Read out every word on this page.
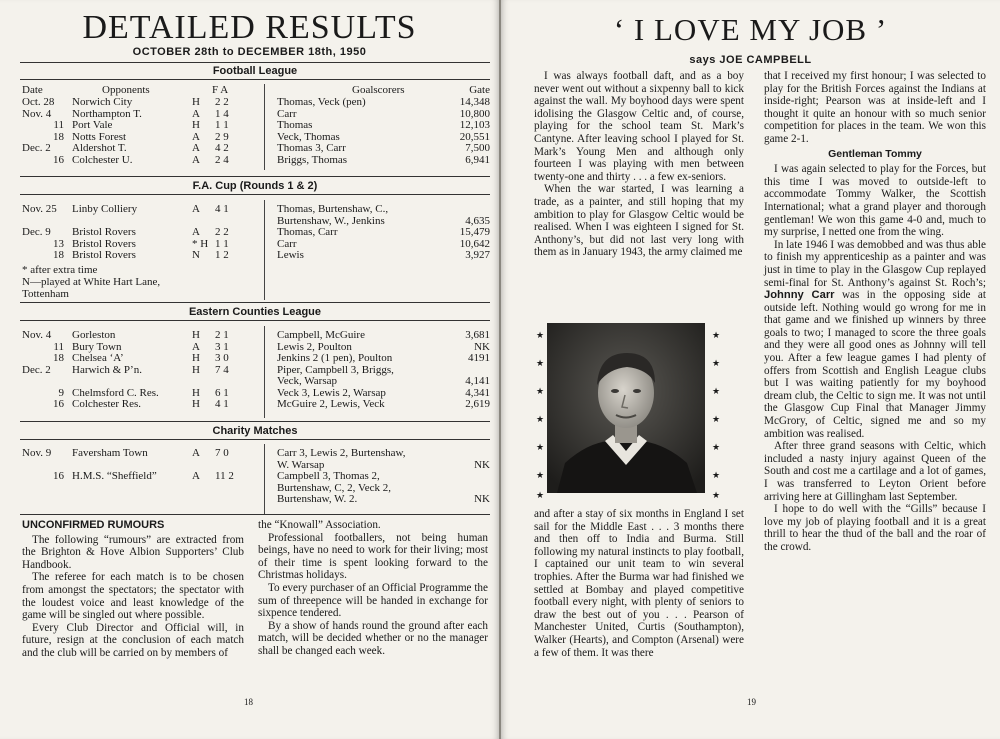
DETAILED RESULTS
OCTOBER 28th to DECEMBER 18th, 1950
Football League
Date	Opponents	F A	Goalscorers	Gate
Oct. 28	Norwich City	H 2 2	Thomas, Veck (pen)	14,348
Nov. 4	Northampton T.	A 1 4	Carr	10,800
11 Port Vale	H 1 1	Thomas	12,103
18 Notts Forest	A 2 9	Veck, Thomas	20,551
Dec. 2	Aldershot T.	A 4 2	Thomas 3, Carr	7,500
16 Colchester U.	A 2 4	Briggs, Thomas	6,941
F.A. Cup (Rounds 1 & 2)
Nov. 25	Linby Colliery	A 4 1	Thomas, Burtenshaw, C.,
Burtenshaw, W., Jenkins	4,635
Dec. 9	Bristol Rovers	A 2 2	Thomas, Carr	15,479
13 Bristol Rovers	* H 1 1	Carr	10,642
18 Bristol Rovers	N 1 2	Lewis	3,927
* after extra time
N—played at White Hart Lane,
Tottenham
Eastern Counties League
Nov. 4	Gorleston	H 2 1	Campbell, McGuire	3,681
11 Bury Town	A 3 1	Lewis 2, Poulton	NK
18 Chelsea ‘A’	H 3 0	Jenkins 2 (1 pen), Poulton	4191
Dec. 2	Harwich & P’n.	H 7 4	Piper, Campbell 3, Briggs,
Veck, Warsap	4,141
9 Chelmsford C. Res.	H 6 1	Veck 3, Lewis 2, Warsap	4,341
16 Colchester Res.	H 4 1	McGuire 2, Lewis, Veck	2,619
Charity Matches
Nov. 9	Faversham Town	A 7 0	Carr 3, Lewis 2, Burtenshaw,
W. Warsap	NK
16 H.M.S. “Sheffield”	A 11 2	Campbell 3, Thomas 2,
Burtenshaw, C, 2, Veck 2,
Burtenshaw, W. 2.	NK
UNCONFIRMED RUMOURS

The following “rumours” are extracted from the Brighton & Hove Albion Supporters’ Club Handbook.

The referee for each match is to be chosen from amongst the spectators; the spectator with the loudest voice and least knowledge of the game will be singled out where possible.

Every Club Director and Official will, in future, resign at the conclusion of each match and the club will be carried on by members of

the “Knowall” Association.

Professional footballers, not being human beings, have no need to work for their living; most of their time is spent looking forward to the Christmas holidays.

To every purchaser of an Official Programme the sum of threepence will be handed in exchange for sixpence tendered.

By a show of hands round the ground after each match, will be decided whether or no the manager shall be changed each week.

18
‘ I LOVE MY JOB ’
says JOE CAMPBELL

I was always football daft, and as a boy never went out without a sixpenny ball to kick against the wall. My boyhood days were spent idolising the Glasgow Celtic and, of course, playing for the school team St. Mark’s Cantyne. After leaving school I played for St. Mark’s Young Men and although only fourteen I was playing with men between twenty-one and thirty . . . a few ex-seniors.

When the war started, I was learning a trade, as a painter, and still hoping that my ambition to play for Glasgow Celtic would be realised. When I was eighteen I signed for St. Anthony’s, but did not last very long with them as in January 1943, the army claimed me

and after a stay of six months in England I set sail for the Middle East . . . 3 months there and then off to India and Burma. Still following my natural instincts to play football, I captained our unit team to win several trophies. After the Burma war had finished we settled at Bombay and played competitive football every night, with plenty of seniors to draw the best out of you . . . Pearson of Manchester United, Curtis (Southampton), Walker (Hearts), and Compton (Arsenal) were a few of them. It was there

that I received my first honour; I was selected to play for the British Forces against the Indians at inside-right; Pearson was at inside-left and I thought it quite an honour with so much senior competition for places in the team. We won this game 2-1.

Gentleman Tommy

I was again selected to play for the Forces, but this time I was moved to outside-left to accommodate Tommy Walker, the Scottish International; what a grand player and thorough gentleman! We won this game 4-0 and, much to my surprise, I netted one from the wing.

In late 1946 I was demobbed and was thus able to finish my apprenticeship as a painter and was just in time to play in the Glasgow Cup replayed semi-final for St. Anthony’s against St. Roch’s; Johnny Carr was in the opposing side at outside left. Nothing would go wrong for me in that game and we finished up winners by three goals to two; I managed to score the three goals and they were all good ones as Johnny will tell you. After a few league games I had plenty of offers from Scottish and English League clubs but I was waiting patiently for my boyhood dream club, the Celtic to sign me. It was not until the Glasgow Cup Final that Manager Jimmy McGrory, of Celtic, signed me and so my ambition was realised.

After three grand seasons with Celtic, which included a nasty injury against Queen of the South and cost me a cartilage and a lot of games, I was transferred to Leyton Orient before arriving here at Gillingham last September.

I hope to do well with the “Gills” because I love my job of playing football and it is a great thrill to hear the thud of the ball and the roar of the crowd.

19
★
★
★
★
★
★
★
★
★
★
★
★
★
★
